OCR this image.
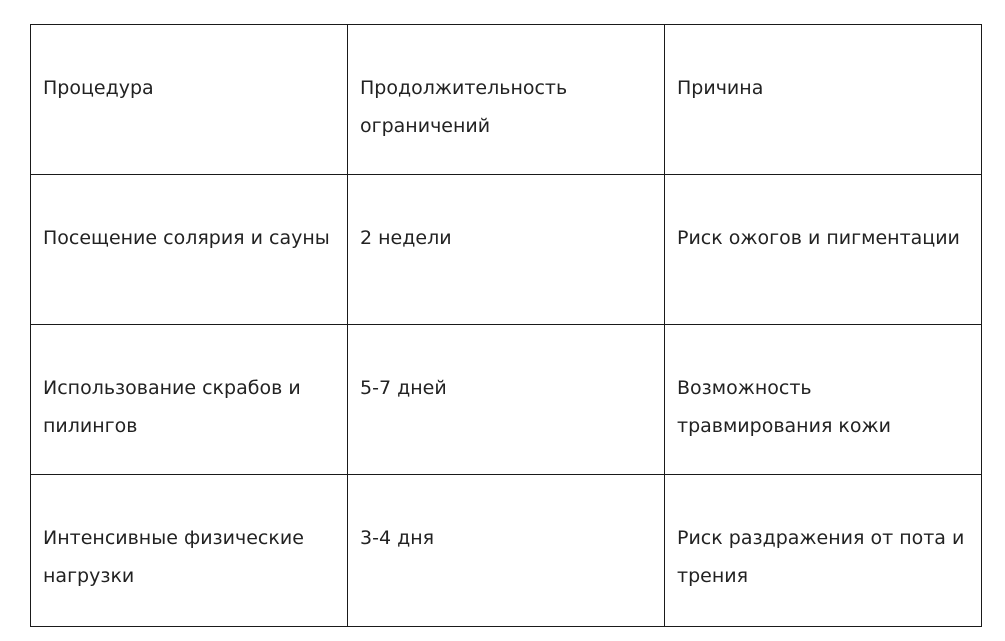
Процедура	Продолжительность ограничений	Причина
Посещение солярия и сауны	2 недели	Риск ожогов и пигментации
Использование скрабов и пилингов	5-7 дней	Возможность травмирования кожи
Интенсивные физические нагрузки	3-4 дня	Риск раздражения от пота и трения
